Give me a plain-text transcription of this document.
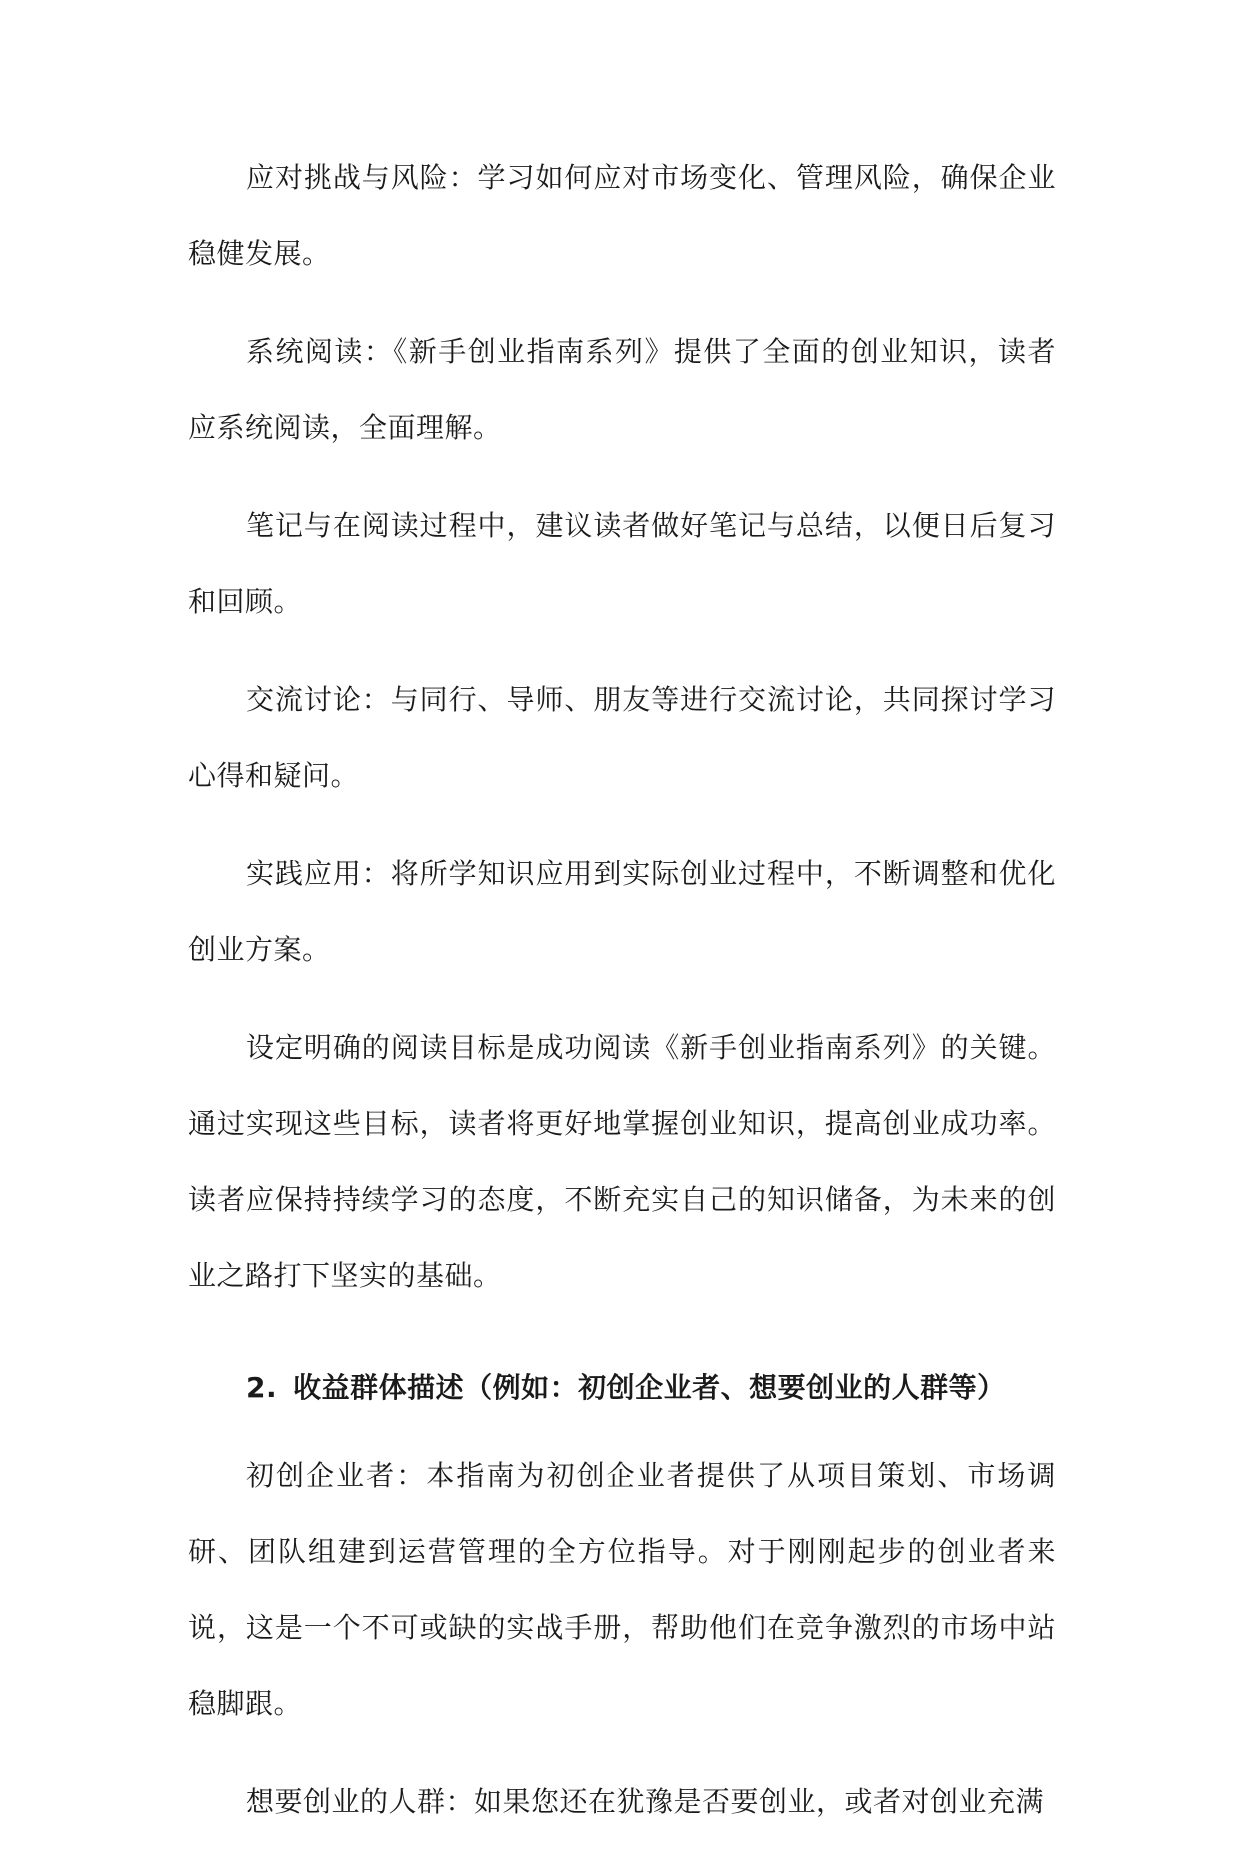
应对挑战与风险：学习如何应对市场变化、管理风险，确保企业稳健发展。

系统阅读：《新手创业指南系列》提供了全面的创业知识，读者应系统阅读，全面理解。

笔记与在阅读过程中，建议读者做好笔记与总结，以便日后复习和回顾。

交流讨论：与同行、导师、朋友等进行交流讨论，共同探讨学习心得和疑问。

实践应用：将所学知识应用到实际创业过程中，不断调整和优化创业方案。

设定明确的阅读目标是成功阅读《新手创业指南系列》的关键。通过实现这些目标，读者将更好地掌握创业知识，提高创业成功率。读者应保持持续学习的态度，不断充实自己的知识储备，为未来的创业之路打下坚实的基础。

2. 收益群体描述（例如：初创企业者、想要创业的人群等）

初创企业者：本指南为初创企业者提供了从项目策划、市场调研、团队组建到运营管理的全方位指导。对于刚刚起步的创业者来说，这是一个不可或缺的实战手册，帮助他们在竞争激烈的市场中站稳脚跟。

想要创业的人群：如果您还在犹豫是否要创业，或者对创业充满
